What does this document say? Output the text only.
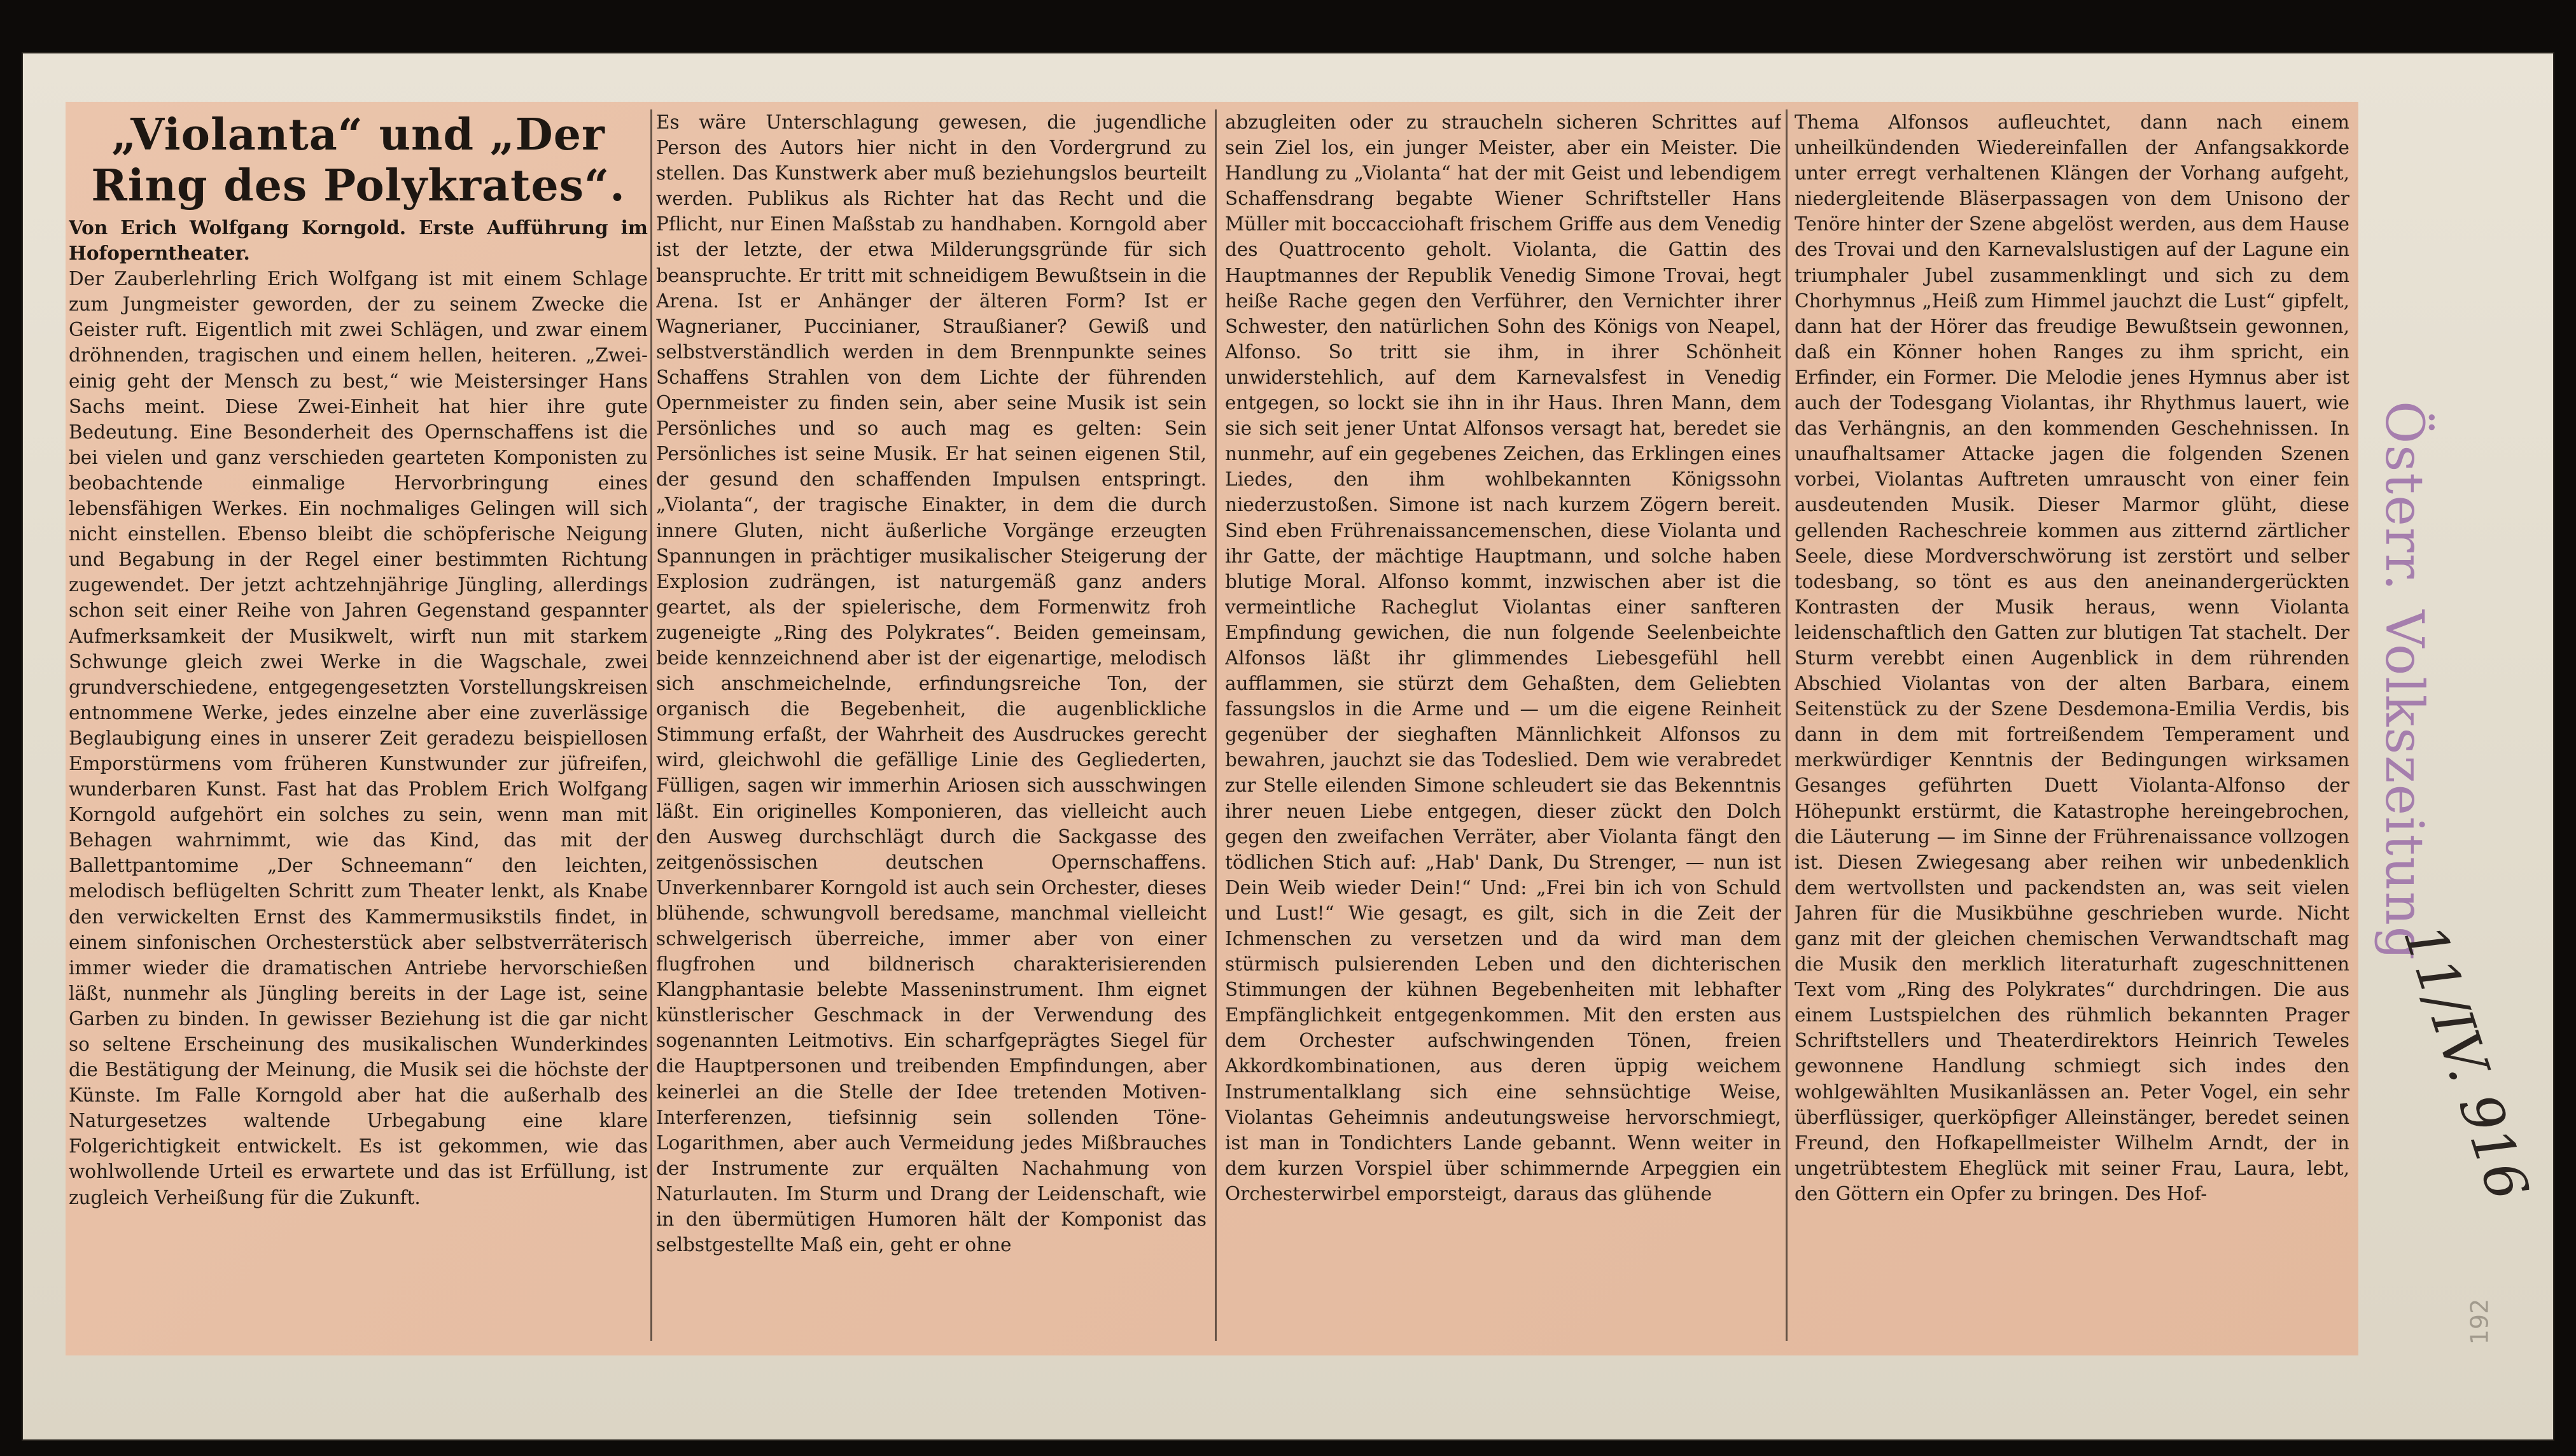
„Violanta“ und „Der Ring des Polykrates“.

Von Erich Wolfgang Korngold. Erste Aufführung im Hofoperntheater.

Der Zauberlehrling Erich Wolfgang ist mit einem Schlage zum Jungmeister geworden, der zu seinem Zwecke die Geister ruft. Eigentlich mit zwei Schlägen, und zwar einem dröhnenden, tragischen und einem hellen, heiteren. „Zwei-einig geht der Mensch zu best,“ wie Meistersinger Hans Sachs meint. Diese Zwei-Einheit hat hier ihre gute Bedeutung. Eine Besonderheit des Opernschaffens ist die bei vielen und ganz verschieden gearteten Komponisten zu beobachtende einmalige Hervorbringung eines lebensfähigen Werkes. Ein nochmaliges Gelingen will sich nicht einstellen. Ebenso bleibt die schöpferische Neigung und Begabung in der Regel einer bestimmten Richtung zugewendet. Der jetzt achtzehnjährige Jüngling, allerdings schon seit einer Reihe von Jahren Gegenstand gespannter Aufmerksamkeit der Musikwelt, wirft nun mit starkem Schwunge gleich zwei Werke in die Wagschale, zwei grundverschiedene, entgegengesetzten Vorstellungskreisen entnommene Werke, jedes einzelne aber eine zuverlässige Beglaubigung eines in unserer Zeit geradezu beispiellosen Emporstürmens vom früheren Kunstwunder zur jüfreifen, wunderbaren Kunst. Fast hat das Problem Erich Wolfgang Korngold aufgehört ein solches zu sein, wenn man mit Behagen wahrnimmt, wie das Kind, das mit der Ballettpantomime „Der Schneemann“ den leichten, melodisch beflügelten Schritt zum Theater lenkt, als Knabe den verwickelten Ernst des Kammermusikstils findet, in einem sinfonischen Orchesterstück aber selbstverräterisch immer wieder die dramatischen Antriebe hervorschießen läßt, nunmehr als Jüngling bereits in der Lage ist, seine Garben zu binden. In gewisser Beziehung ist die gar nicht so seltene Erscheinung des musikalischen Wunderkindes die Bestätigung der Meinung, die Musik sei die höchste der Künste. Im Falle Korngold aber hat die außerhalb des Naturgesetzes waltende Urbegabung eine klare Folgerichtigkeit entwickelt. Es ist gekommen, wie das wohlwollende Urteil es erwartete und das ist Erfüllung, ist zugleich Verheißung für die Zukunft.

Es wäre Unterschlagung gewesen, die jugendliche Person des Autors hier nicht in den Vordergrund zu stellen. Das Kunstwerk aber muß beziehungslos beurteilt werden. Publikus als Richter hat das Recht und die Pflicht, nur Einen Maßstab zu handhaben. Korngold aber ist der letzte, der etwa Milderungsgründe für sich beanspruchte. Er tritt mit schneidigem Bewußtsein in die Arena. Ist er Anhänger der älteren Form? Ist er Wagnerianer, Puccinianer, Straußianer? Gewiß und selbstverständlich werden in dem Brennpunkte seines Schaffens Strahlen von dem Lichte der führenden Opernmeister zu finden sein, aber seine Musik ist sein Persönliches und so auch mag es gelten: Sein Persönliches ist seine Musik. Er hat seinen eigenen Stil, der gesund den schaffenden Impulsen entspringt. „Violanta“, der tragische Einakter, in dem die durch innere Gluten, nicht äußerliche Vorgänge erzeugten Spannungen in prächtiger musikalischer Steigerung der Explosion zudrängen, ist naturgemäß ganz anders geartet, als der spielerische, dem Formenwitz froh zugeneigte „Ring des Polykrates“. Beiden gemeinsam, beide kennzeichnend aber ist der eigenartige, melodisch sich anschmeichelnde, erfindungsreiche Ton, der organisch die Begebenheit, die augenblickliche Stimmung erfaßt, der Wahrheit des Ausdruckes gerecht wird, gleichwohl die gefällige Linie des Gegliederten, Fülligen, sagen wir immerhin Ariosen sich ausschwingen läßt. Ein originelles Komponieren, das vielleicht auch den Ausweg durchschlägt durch die Sackgasse des zeitgenössischen deutschen Opernschaffens. Unverkennbarer Korngold ist auch sein Orchester, dieses blühende, schwungvoll beredsame, manchmal vielleicht schwelgerisch überreiche, immer aber von einer flugfrohen und bildnerisch charakterisierenden Klangphantasie belebte Masseninstrument. Ihm eignet künstlerischer Geschmack in der Verwendung des sogenannten Leitmotivs. Ein scharfgeprägtes Siegel für die Hauptpersonen und treibenden Empfindungen, aber keinerlei an die Stelle der Idee tretenden Motiven-Interferenzen, tiefsinnig sein sollenden Töne-Logarithmen, aber auch Vermeidung jedes Mißbrauches der Instrumente zur erquälten Nachahmung von Naturlauten. Im Sturm und Drang der Leidenschaft, wie in den übermütigen Humoren hält der Komponist das selbstgestellte Maß ein, geht er ohne

abzugleiten oder zu straucheln sicheren Schrittes auf sein Ziel los, ein junger Meister, aber ein Meister. Die Handlung zu „Violanta“ hat der mit Geist und lebendigem Schaffensdrang begabte Wiener Schriftsteller Hans Müller mit boccacciohaft frischem Griffe aus dem Venedig des Quattrocento geholt. Violanta, die Gattin des Hauptmannes der Republik Venedig Simone Trovai, hegt heiße Rache gegen den Verführer, den Vernichter ihrer Schwester, den natürlichen Sohn des Königs von Neapel, Alfonso. So tritt sie ihm, in ihrer Schönheit unwiderstehlich, auf dem Karnevalsfest in Venedig entgegen, so lockt sie ihn in ihr Haus. Ihren Mann, dem sie sich seit jener Untat Alfonsos versagt hat, beredet sie nunmehr, auf ein gegebenes Zeichen, das Erklingen eines Liedes, den ihm wohlbekannten Königssohn niederzustoßen. Simone ist nach kurzem Zögern bereit. Sind eben Frührenaissancemenschen, diese Violanta und ihr Gatte, der mächtige Hauptmann, und solche haben blutige Moral. Alfonso kommt, inzwischen aber ist die vermeintliche Racheglut Violantas einer sanfteren Empfindung gewichen, die nun folgende Seelenbeichte Alfonsos läßt ihr glimmendes Liebesgefühl hell aufflammen, sie stürzt dem Gehaßten, dem Geliebten fassungslos in die Arme und — um die eigene Reinheit gegenüber der sieghaften Männlichkeit Alfonsos zu bewahren, jauchzt sie das Todeslied. Dem wie verabredet zur Stelle eilenden Simone schleudert sie das Bekenntnis ihrer neuen Liebe entgegen, dieser zückt den Dolch gegen den zweifachen Verräter, aber Violanta fängt den tödlichen Stich auf: „Hab' Dank, Du Strenger, — nun ist Dein Weib wieder Dein!“ Und: „Frei bin ich von Schuld und Lust!“ Wie gesagt, es gilt, sich in die Zeit der Ichmenschen zu versetzen und da wird man dem stürmisch pulsierenden Leben und den dichterischen Stimmungen der kühnen Begebenheiten mit lebhafter Empfänglichkeit entgegenkommen. Mit den ersten aus dem Orchester aufschwingenden Tönen, freien Akkordkombinationen, aus deren üppig weichem Instrumentalklang sich eine sehnsüchtige Weise, Violantas Geheimnis andeutungsweise hervorschmiegt, ist man in Tondichters Lande gebannt. Wenn weiter in dem kurzen Vorspiel über schimmernde Arpeggien ein Orchesterwirbel emporsteigt, daraus das glühende

Thema Alfonsos aufleuchtet, dann nach einem unheilkündenden Wiedereinfallen der Anfangsakkorde unter erregt verhaltenen Klängen der Vorhang aufgeht, niedergleitende Bläserpassagen von dem Unisono der Tenöre hinter der Szene abgelöst werden, aus dem Hause des Trovai und den Karnevalslustigen auf der Lagune ein triumphaler Jubel zusammenklingt und sich zu dem Chorhymnus „Heiß zum Himmel jauchzt die Lust“ gipfelt, dann hat der Hörer das freudige Bewußtsein gewonnen, daß ein Könner hohen Ranges zu ihm spricht, ein Erfinder, ein Former. Die Melodie jenes Hymnus aber ist auch der Todesgang Violantas, ihr Rhythmus lauert, wie das Verhängnis, an den kommenden Geschehnissen. In unaufhaltsamer Attacke jagen die folgenden Szenen vorbei, Violantas Auftreten umrauscht von einer fein ausdeutenden Musik. Dieser Marmor glüht, diese gellenden Racheschreie kommen aus zitternd zärtlicher Seele, diese Mordverschwörung ist zerstört und selber todesbang, so tönt es aus den aneinandergerückten Kontrasten der Musik heraus, wenn Violanta leidenschaftlich den Gatten zur blutigen Tat stachelt. Der Sturm verebbt einen Augenblick in dem rührenden Abschied Violantas von der alten Barbara, einem Seitenstück zu der Szene Desdemona-Emilia Verdis, bis dann in dem mit fortreißendem Temperament und merkwürdiger Kenntnis der Bedingungen wirksamen Gesanges geführten Duett Violanta-Alfonso der Höhepunkt erstürmt, die Katastrophe hereingebrochen, die Läuterung — im Sinne der Frührenaissance vollzogen ist. Diesen Zwiegesang aber reihen wir unbedenklich dem wertvollsten und packendsten an, was seit vielen Jahren für die Musikbühne geschrieben wurde. Nicht ganz mit der gleichen chemischen Verwandtschaft mag die Musik den merklich literaturhaft zugeschnittenen Text vom „Ring des Polykrates“ durchdringen. Die aus einem Lustspielchen des rühmlich bekannten Prager Schriftstellers und Theaterdirektors Heinrich Teweles gewonnene Handlung schmiegt sich indes den wohlgewählten Musikanlässen an. Peter Vogel, ein sehr überflüssiger, querköpfiger Alleinstänger, beredet seinen Freund, den Hofkapellmeister Wilhelm Arndt, der in ungetrübtestem Eheglück mit seiner Frau, Laura, lebt, den Göttern ein Opfer zu bringen. Des Hof-

Österr. Volkszeitung
11/IV. 916
192
